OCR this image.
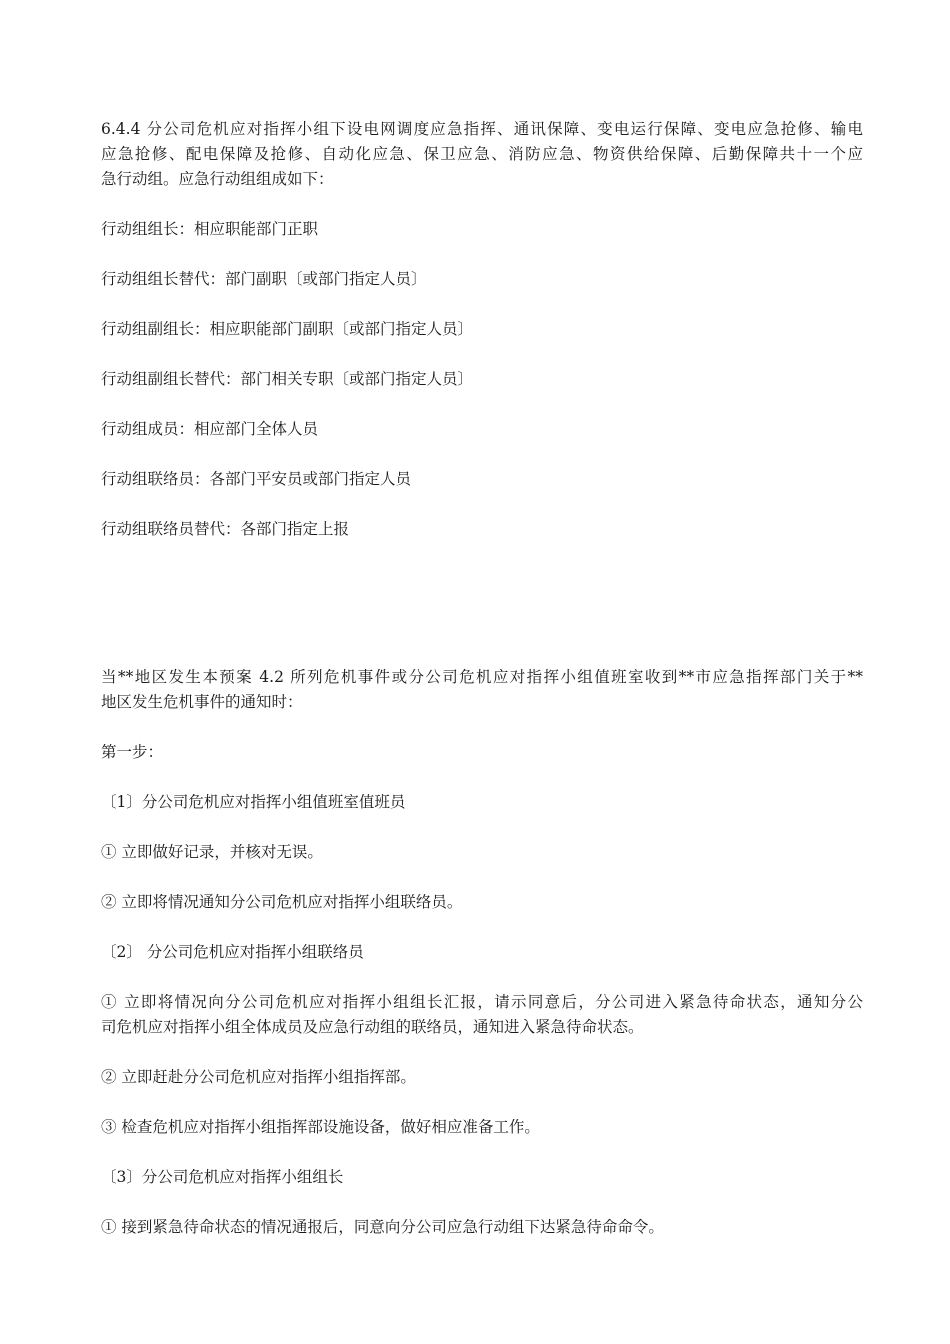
6.4.4 分公司危机应对指挥小组下设电网调度应急指挥、通讯保障、变电运行保障、变电应急抢修、输电

应急抢修、配电保障及抢修、自动化应急、保卫应急、消防应急、物资供给保障、后勤保障共十一个应

急行动组。应急行动组组成如下：

行动组组长：相应职能部门正职

行动组组长替代：部门副职〔或部门指定人员〕

行动组副组长：相应职能部门副职〔或部门指定人员〕

行动组副组长替代：部门相关专职〔或部门指定人员〕

行动组成员：相应部门全体人员

行动组联络员：各部门平安员或部门指定人员

行动组联络员替代：各部门指定上报

当**地区发生本预案 4.2 所列危机事件或分公司危机应对指挥小组值班室收到**市应急指挥部门关于**

地区发生危机事件的通知时：

第一步：

〔1〕分公司危机应对指挥小组值班室值班员

① 立即做好记录，并核对无误。

② 立即将情况通知分公司危机应对指挥小组联络员。

〔2〕 分公司危机应对指挥小组联络员

① 立即将情况向分公司危机应对指挥小组组长汇报，请示同意后，分公司进入紧急待命状态，通知分公

司危机应对指挥小组全体成员及应急行动组的联络员，通知进入紧急待命状态。

② 立即赶赴分公司危机应对指挥小组指挥部。

③ 检查危机应对指挥小组指挥部设施设备，做好相应准备工作。

〔3〕分公司危机应对指挥小组组长

① 接到紧急待命状态的情况通报后，同意向分公司应急行动组下达紧急待命命令。
